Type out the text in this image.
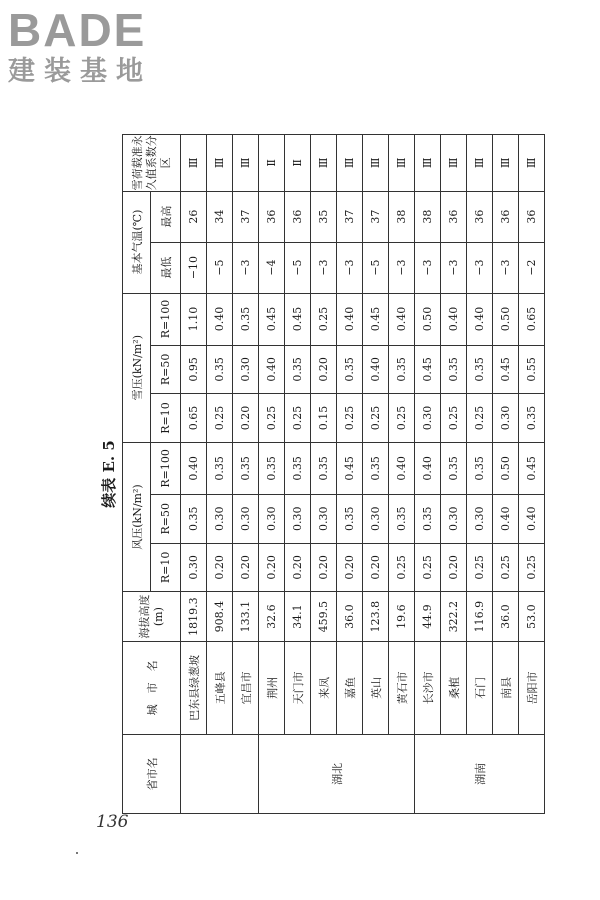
BADE
建装基地
续表 E. 5
省市名	城　市　名	海拔高度(m)	风压(kN/m²)			雪压(kN/m²)			基本气温(℃)		雪荷载准永久值系数分区
			R=10	R=50	R=100	R=10	R=50	R=100	最低	最高	
	巴东县绿葱坡	1819.3	0.30	0.35	0.40	0.65	0.95	1.10	−10	26	Ⅲ
	五峰县	908.4	0.20	0.30	0.35	0.25	0.35	0.40	−5	34	Ⅲ
	宜昌市	133.1	0.20	0.30	0.35	0.20	0.30	0.35	−3	37	Ⅲ
湖北	荆州	32.6	0.20	0.30	0.35	0.25	0.40	0.45	−4	36	Ⅱ
	天门市	34.1	0.20	0.30	0.35	0.25	0.35	0.45	−5	36	Ⅱ
	来凤	459.5	0.20	0.30	0.35	0.15	0.20	0.25	−3	35	Ⅲ
	嘉鱼	36.0	0.20	0.35	0.45	0.25	0.35	0.40	−3	37	Ⅲ
	英山	123.8	0.20	0.30	0.35	0.25	0.40	0.45	−5	37	Ⅲ
	黄石市	19.6	0.25	0.35	0.40	0.25	0.35	0.40	−3	38	Ⅲ
湖南	长沙市	44.9	0.25	0.35	0.40	0.30	0.45	0.50	−3	38	Ⅲ
	桑植	322.2	0.20	0.30	0.35	0.25	0.35	0.40	−3	36	Ⅲ
	石门	116.9	0.25	0.30	0.35	0.25	0.35	0.40	−3	36	Ⅲ
	南县	36.0	0.25	0.40	0.50	0.30	0.45	0.50	−3	36	Ⅲ
	岳阳市	53.0	0.25	0.40	0.45	0.35	0.55	0.65	−2	36	Ⅲ
136
